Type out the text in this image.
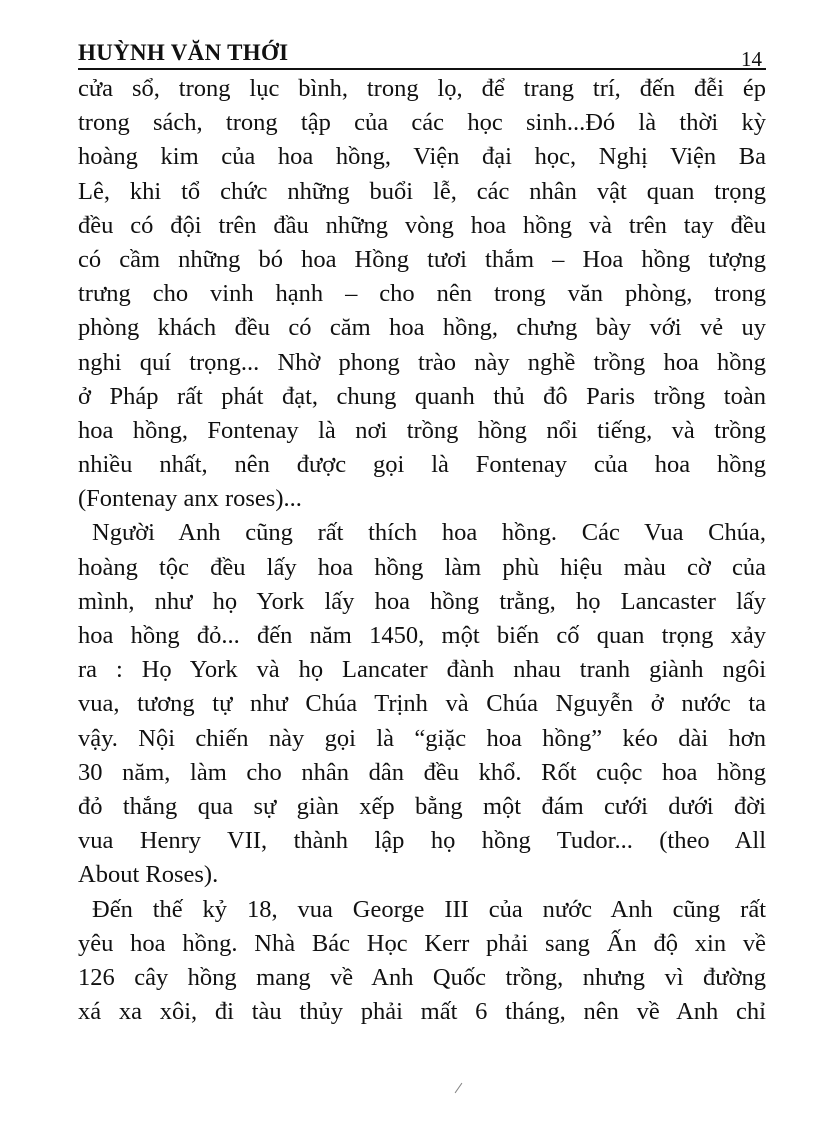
HUỲNH VĂN THỚI	14
cửa sổ, trong lục bình, trong lọ, để trang trí, đến đễi ép
trong sách, trong tập của các học sinh...Đó là thời kỳ
hoàng kim của hoa hồng, Viện đại học, Nghị Viện Ba
Lê, khi tổ chức những buổi lễ, các nhân vật quan trọng
đều có đội trên đầu những vòng hoa hồng và trên tay đều
có cầm những bó hoa Hồng tươi thắm – Hoa hồng tượng
trưng cho vinh hạnh – cho nên trong văn phòng, trong
phòng khách đều có căm hoa hồng, chưng bày với vẻ uy
nghi quí trọng... Nhờ phong trào này nghề trồng hoa hồng
ở Pháp rất phát đạt, chung quanh thủ đô Paris trồng toàn
hoa hồng, Fontenay là nơi trồng hồng nổi tiếng, và trồng
nhiều nhất, nên được gọi là Fontenay của hoa hồng
(Fontenay anx roses)...
Người Anh cũng rất thích hoa hồng. Các Vua Chúa,
hoàng tộc đều lấy hoa hồng làm phù hiệu màu cờ của
mình, như họ York lấy hoa hồng trằng, họ Lancaster lấy
hoa hồng đỏ... đến năm 1450, một biến cố quan trọng xảy
ra : Họ York và họ Lancater đành nhau tranh giành ngôi
vua, tương tự như Chúa Trịnh và Chúa Nguyễn ở nước ta
vậy. Nội chiến này gọi là “giặc hoa hồng” kéo dài hơn
30 năm, làm cho nhân dân đều khổ. Rốt cuộc hoa hồng
đỏ thắng qua sự giàn xếp bằng một đám cưới dưới đời
vua Henry VII, thành lập họ hồng Tudor... (theo All
About Roses).
Đến thế kỷ 18, vua George III của nước Anh cũng rất
yêu hoa hồng. Nhà Bác Học Kerr phải sang Ấn độ xin về
126 cây hồng mang về Anh Quốc trồng, nhưng vì đường
xá xa xôi, đi tàu thủy phải mất 6 tháng, nên về Anh chỉ
